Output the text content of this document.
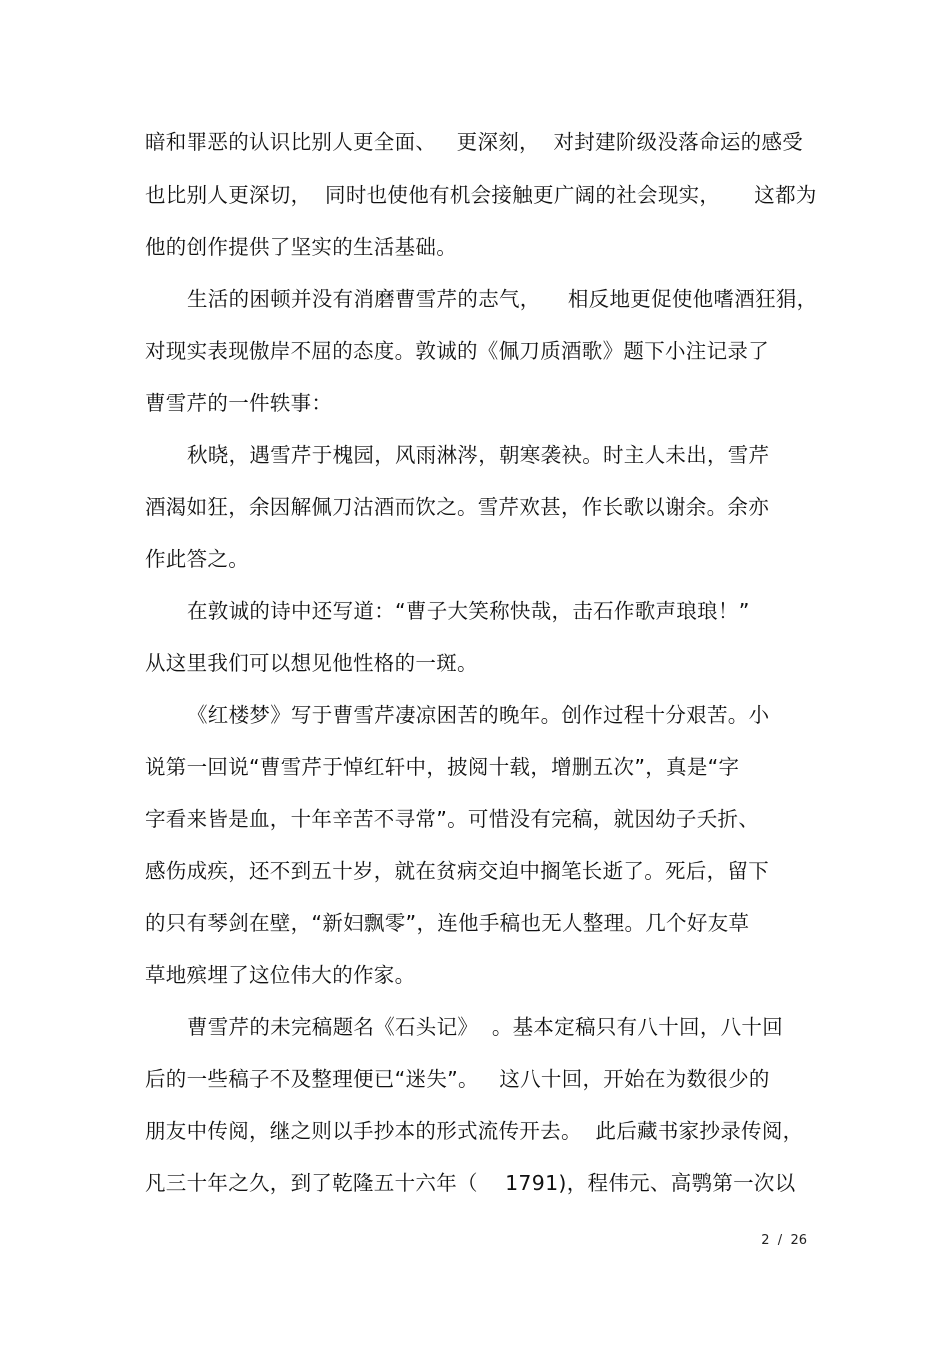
暗和罪恶的认识比别人更全面、   更深刻，  对封建阶级没落命运的感受
也比别人更深切，  同时也使他有机会接触更广阔的社会现实，     这都为
他的创作提供了坚实的生活基础。
生活的困顿并没有消磨曹雪芹的志气，    相反地更促使他嗜酒狂狷，
对现实表现傲岸不屈的态度。敦诚的《佩刀质酒歌》题下小注记录了
曹雪芹的一件轶事：
秋晓，遇雪芹于槐园，风雨淋涔，朝寒袭袂。时主人未出，雪芹
酒渴如狂，余因解佩刀沽酒而饮之。雪芹欢甚，作长歌以谢余。余亦
作此答之。
在敦诚的诗中还写道：“曹子大笑称快哉，击石作歌声琅琅！”
从这里我们可以想见他性格的一斑。
《红楼梦》写于曹雪芹凄凉困苦的晚年。创作过程十分艰苦。小
说第一回说“曹雪芹于悼红轩中，披阅十载，增删五次”，真是“字
字看来皆是血，十年辛苦不寻常”。可惜没有完稿，就因幼子夭折、
感伤成疾，还不到五十岁，就在贫病交迫中搁笔长逝了。死后，留下
的只有琴剑在壁，“新妇飘零”，连他手稿也无人整理。几个好友草
草地殡埋了这位伟大的作家。
曹雪芹的未完稿题名《石头记》  。基本定稿只有八十回，八十回
后的一些稿子不及整理便已“迷失”。   这八十回，开始在为数很少的
朋友中传阅，继之则以手抄本的形式流传开去。  此后藏书家抄录传阅，
凡三十年之久，到了乾隆五十六年（    1791)，程伟元、高鹗第一次以
2  /  26
